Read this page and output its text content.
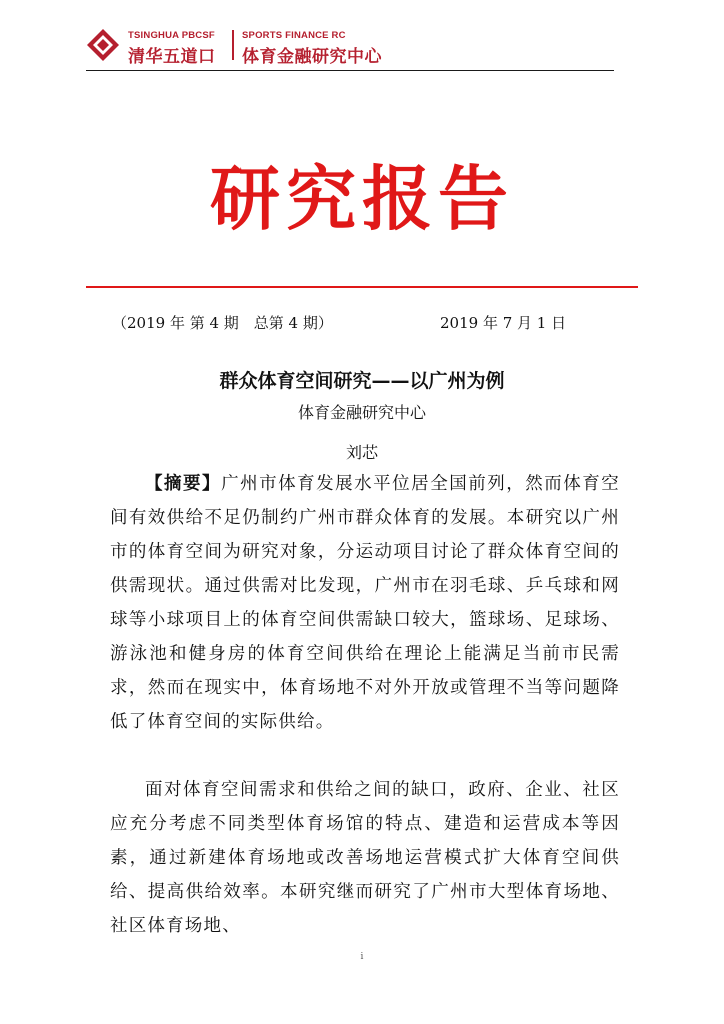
TSINGHUA PBCSF
清华五道口
SPORTS FINANCE RC
体育金融研究中心
研究报告
（2019 年 第 4 期　总第 4 期）	2019 年 7 月 1 日
群众体育空间研究——以广州为例
体育金融研究中心
刘芯

【摘要】广州市体育发展水平位居全国前列，然而体育空间有效供给不足仍制约广州市群众体育的发展。本研究以广州市的体育空间为研究对象，分运动项目讨论了群众体育空间的供需现状。通过供需对比发现，广州市在羽毛球、乒乓球和网球等小球项目上的体育空间供需缺口较大，篮球场、足球场、游泳池和健身房的体育空间供给在理论上能满足当前市民需求，然而在现实中，体育场地不对外开放或管理不当等问题降低了体育空间的实际供给。

面对体育空间需求和供给之间的缺口，政府、企业、社区应充分考虑不同类型体育场馆的特点、建造和运营成本等因素，通过新建体育场地或改善场地运营模式扩大体育空间供给、提高供给效率。本研究继而研究了广州市大型体育场地、社区体育场地、

i
